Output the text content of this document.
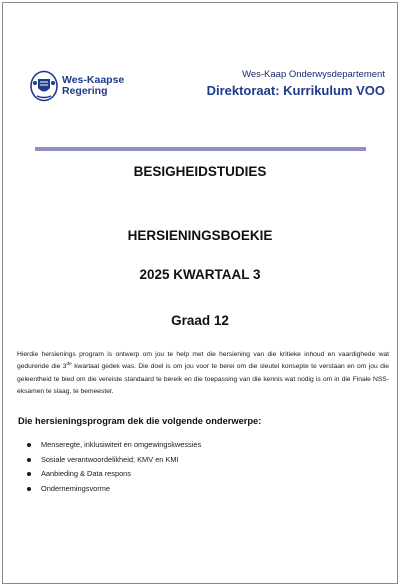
Wes-Kaapse
Regering
Wes-Kaap Onderwysdepartement
Direktoraat: Kurrikulum VOO
BESIGHEIDSTUDIES
HERSIENINGSBOEKIE
2025 KWARTAAL 3
Graad 12

Hierdie hersienings program is ontwerp om jou te help met die hersiening van die kritieke inhoud en vaardighede wat gedurende die 3de kwartaal gedek was. Die doel is om jou voor te berei om die sleutel konsepte te verstaan en om jou die geleentheid te bied om die vereiste standaard te bereik en die toepassing van die kennis wat nodig is om in die Finale NSS-eksamen te slaag, te bemeester.

Die hersieningsprogram dek die volgende onderwerpe:
Menseregte, inklusiwiteit en omgewingskwessies
Sosiale verantwoordelikheid; KMV en KMI
Aanbieding & Data respons
Ondernemingsvorme
